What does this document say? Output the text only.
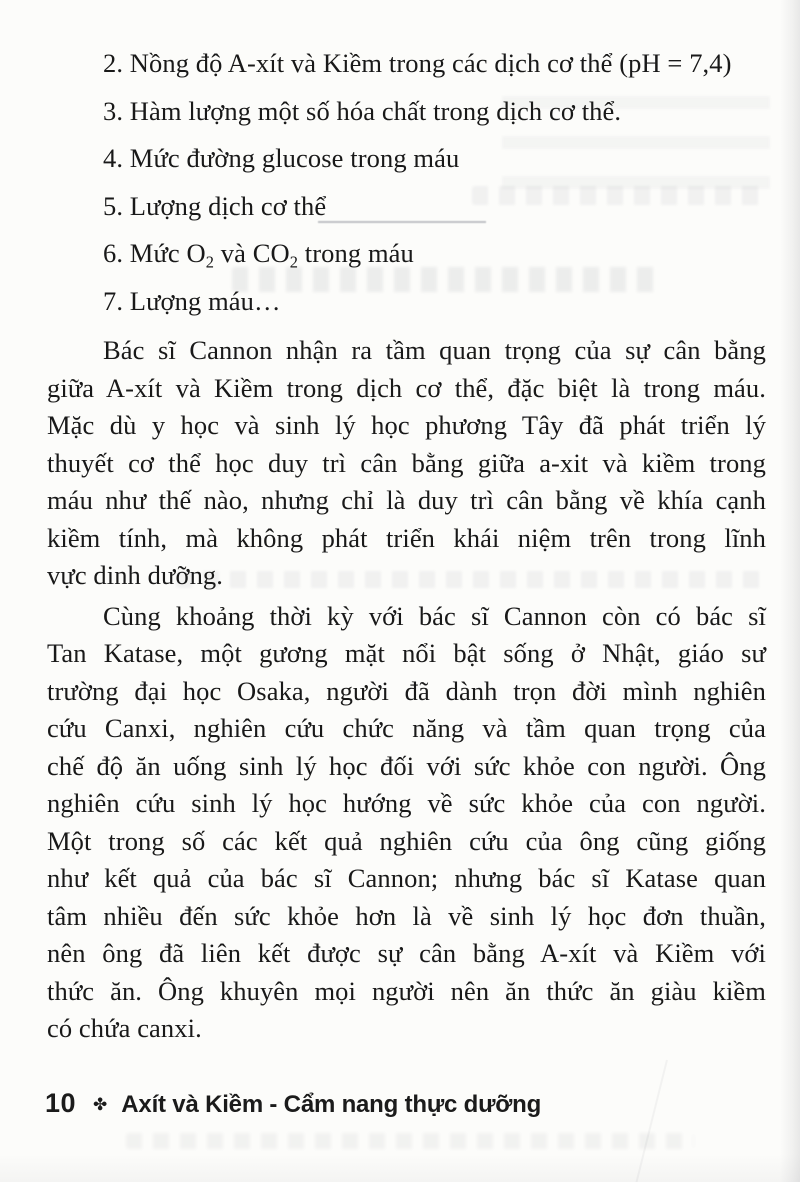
2. Nồng độ A-xít và Kiềm trong các dịch cơ thể (pH = 7,4)
3. Hàm lượng một số hóa chất trong dịch cơ thể.
4. Mức đường glucose trong máu
5. Lượng dịch cơ thể
6. Mức $O_2$ và $CO_2$ trong máu
7. Lượng máu…
Bác sĩ Cannon nhận ra tầm quan trọng của sự cân bằng
giữa A-xít và Kiềm trong dịch cơ thể, đặc biệt là trong máu.
Mặc dù y học và sinh lý học phương Tây đã phát triển lý
thuyết cơ thể học duy trì cân bằng giữa a-xit và kiềm trong
máu như thế nào, nhưng chỉ là duy trì cân bằng về khía cạnh
kiềm tính, mà không phát triển khái niệm trên trong lĩnh
vực dinh dưỡng.
Cùng khoảng thời kỳ với bác sĩ Cannon còn có bác sĩ
Tan Katase, một gương mặt nổi bật sống ở Nhật, giáo sư
trường đại học Osaka, người đã dành trọn đời mình nghiên
cứu Canxi, nghiên cứu chức năng và tầm quan trọng của
chế độ ăn uống sinh lý học đối với sức khỏe con người. Ông
nghiên cứu sinh lý học hướng về sức khỏe của con người.
Một trong số các kết quả nghiên cứu của ông cũng giống
như kết quả của bác sĩ Cannon; nhưng bác sĩ Katase quan
tâm nhiều đến sức khỏe hơn là về sinh lý học đơn thuần,
nên ông đã liên kết được sự cân bằng A-xít và Kiềm với
thức ăn. Ông khuyên mọi người nên ăn thức ăn giàu kiềm
có chứa canxi.
10 ✤ Axít và Kiềm - Cẩm nang thực dưỡng
